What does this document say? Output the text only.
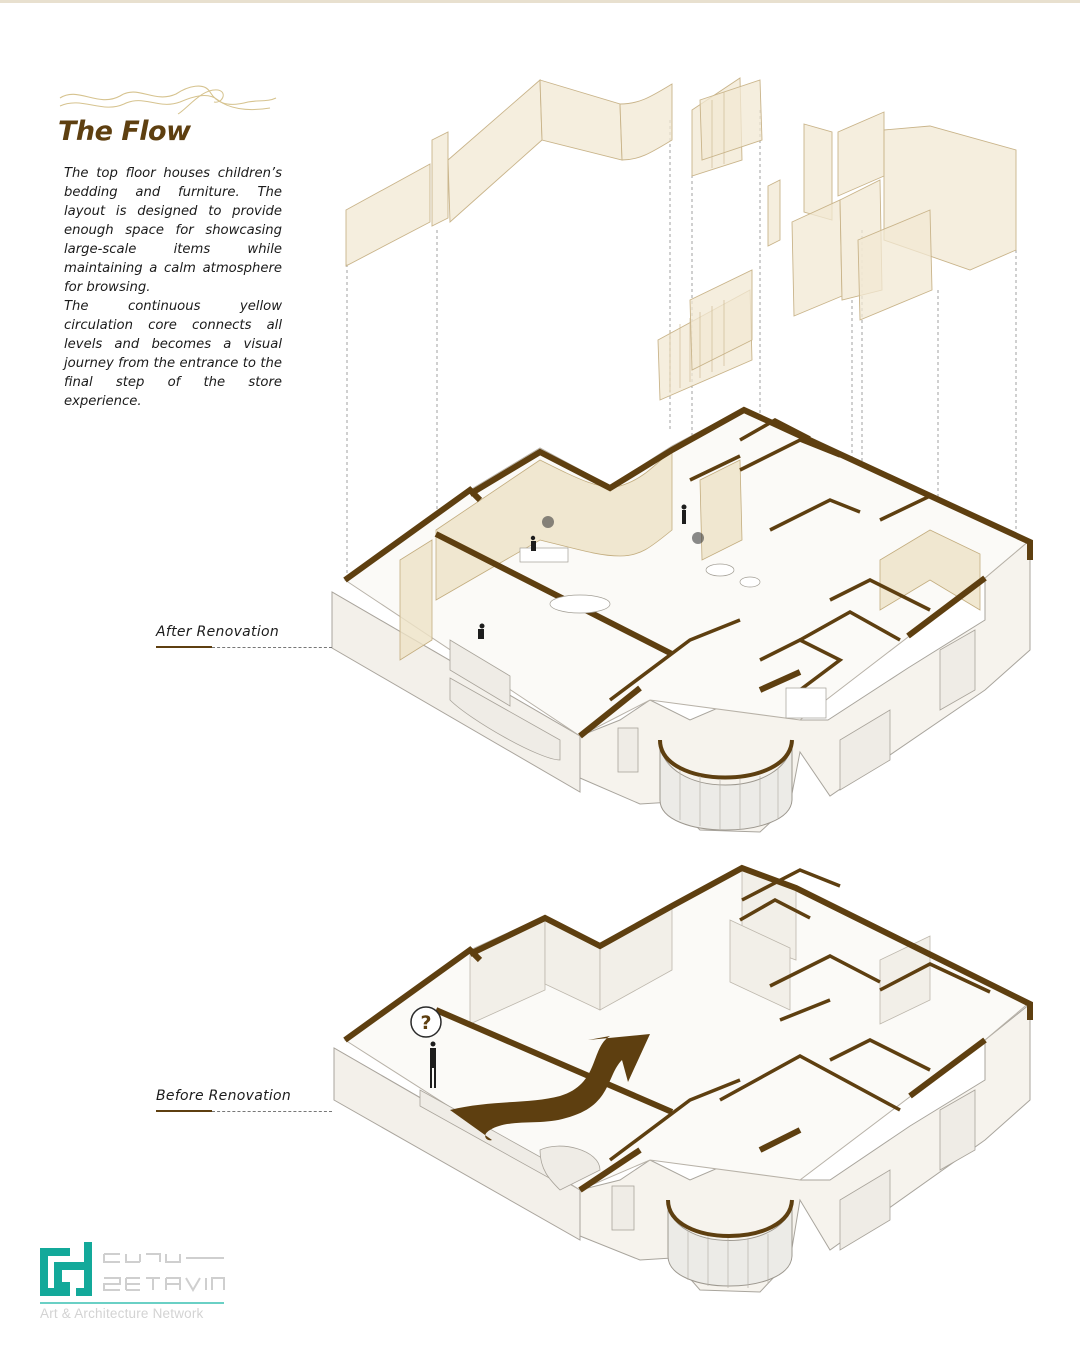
The Flow

The top floor houses children’s bedding and furniture. The layout is designed to provide enough space for showcasing large-scale items while maintaining a calm atmosphere for browsing.

The continuous yellow circulation core connects all levels and becomes a visual journey from the entrance to the final step of the store experience.

?
After Renovation
Before Renovation
Art & Architecture Network
